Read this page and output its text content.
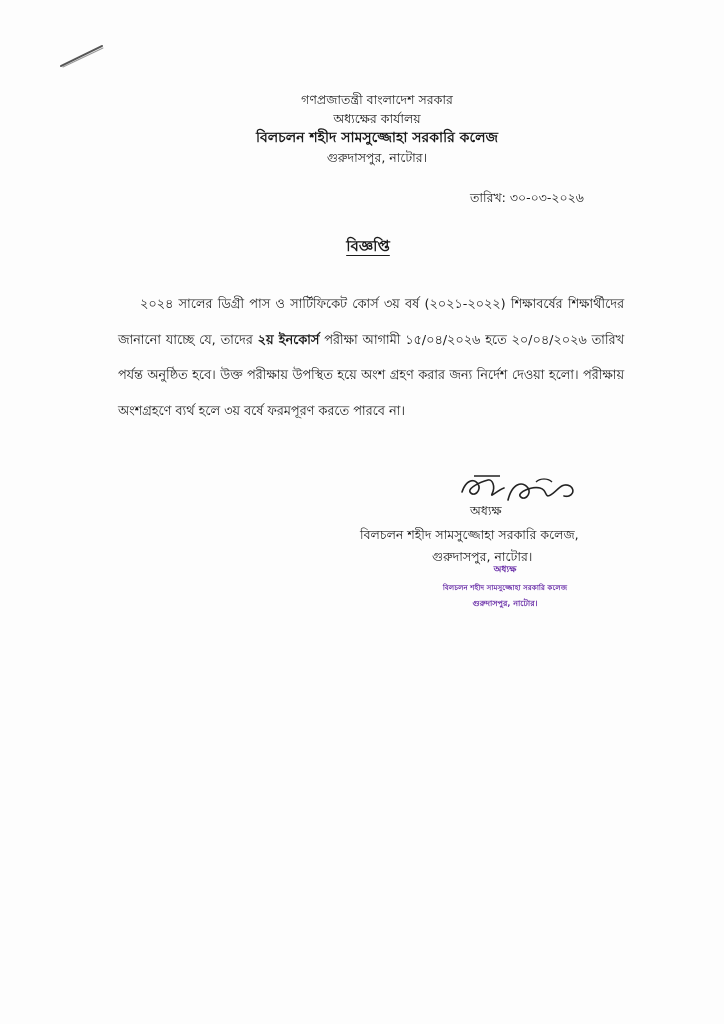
গণপ্রজাতন্ত্রী বাংলাদেশ সরকার
অধ্যক্ষের কার্যালয়
বিলচলন শহীদ সামসুজ্জোহা সরকারি কলেজ
গুরুদাসপুর, নাটোর।
তারিখ: ৩০-০৩-২০২৬
বিজ্ঞপ্তি
২০২৪ সালের ডিগ্রী পাস ও সার্টিফিকেট কোর্স ৩য় বর্ষ (২০২১-২০২২) শিক্ষাবর্ষের শিক্ষার্থীদের জানানো যাচ্ছে যে, তাদের ২য় ইনকোর্স পরীক্ষা আগামী ১৫/০৪/২০২৬ হতে ২০/০৪/২০২৬ তারিখ পর্যন্ত অনুষ্ঠিত হবে। উক্ত পরীক্ষায় উপস্থিত হয়ে অংশ গ্রহণ করার জন্য নির্দেশ দেওয়া হলো। পরীক্ষায় অংশগ্রহণে ব্যর্থ হলে ৩য় বর্ষে ফরমপূরণ করতে পারবে না।
অধ্যক্ষ
বিলচলন শহীদ সামসুজ্জোহা সরকারি কলেজ,
গুরুদাসপুর, নাটোর।
অধ্যক্ষ
বিলচলন শহীদ সামসুজ্জোহা সরকারি কলেজ
গুরুদাসপুর, নাটোর।
